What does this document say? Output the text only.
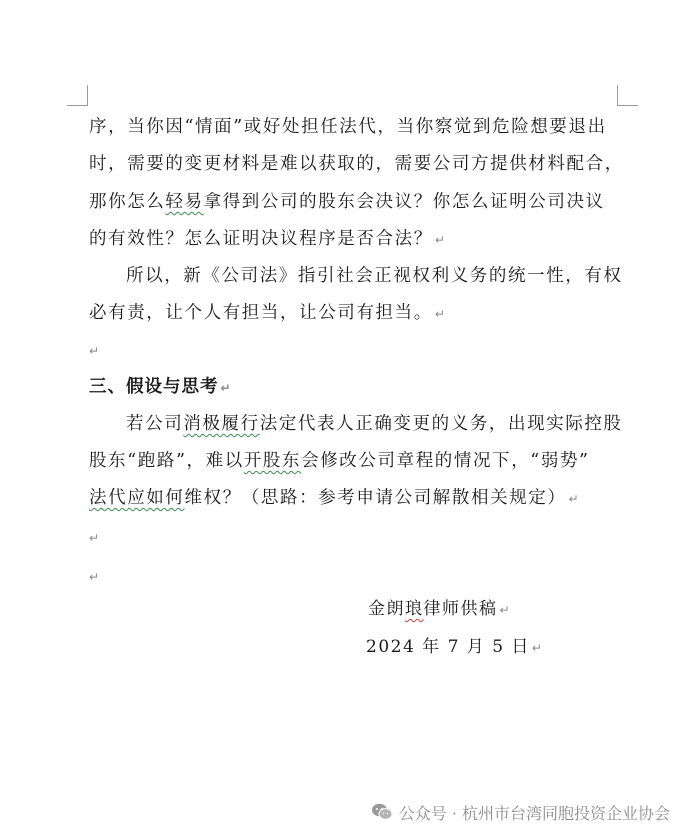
序，当你因“情面”或好处担任法代，当你察觉到危险想要退出
时，需要的变更材料是难以获取的，需要公司方提供材料配合，
那你怎么轻易拿得到公司的股东会决议？你怎么证明公司决议
的有效性？怎么证明决议程序是否合法？ ↵
所以，新《公司法》指引社会正视权利义务的统一性，有权
必有责，让个人有担当，让公司有担当。 ↵
↵
三、假设与思考 ↵
若公司消极履行法定代表人正确变更的义务，出现实际控股
股东“跑路”，难以开股东会修改公司章程的情况下，“弱势”
法代应如何维权？（思路：参考申请公司解散相关规定） ↵
↵
↵
金朗琅律师供稿 ↵
2024 年 7 月 5 日 ↵
公众号 · 杭州市台湾同胞投资企业协会
